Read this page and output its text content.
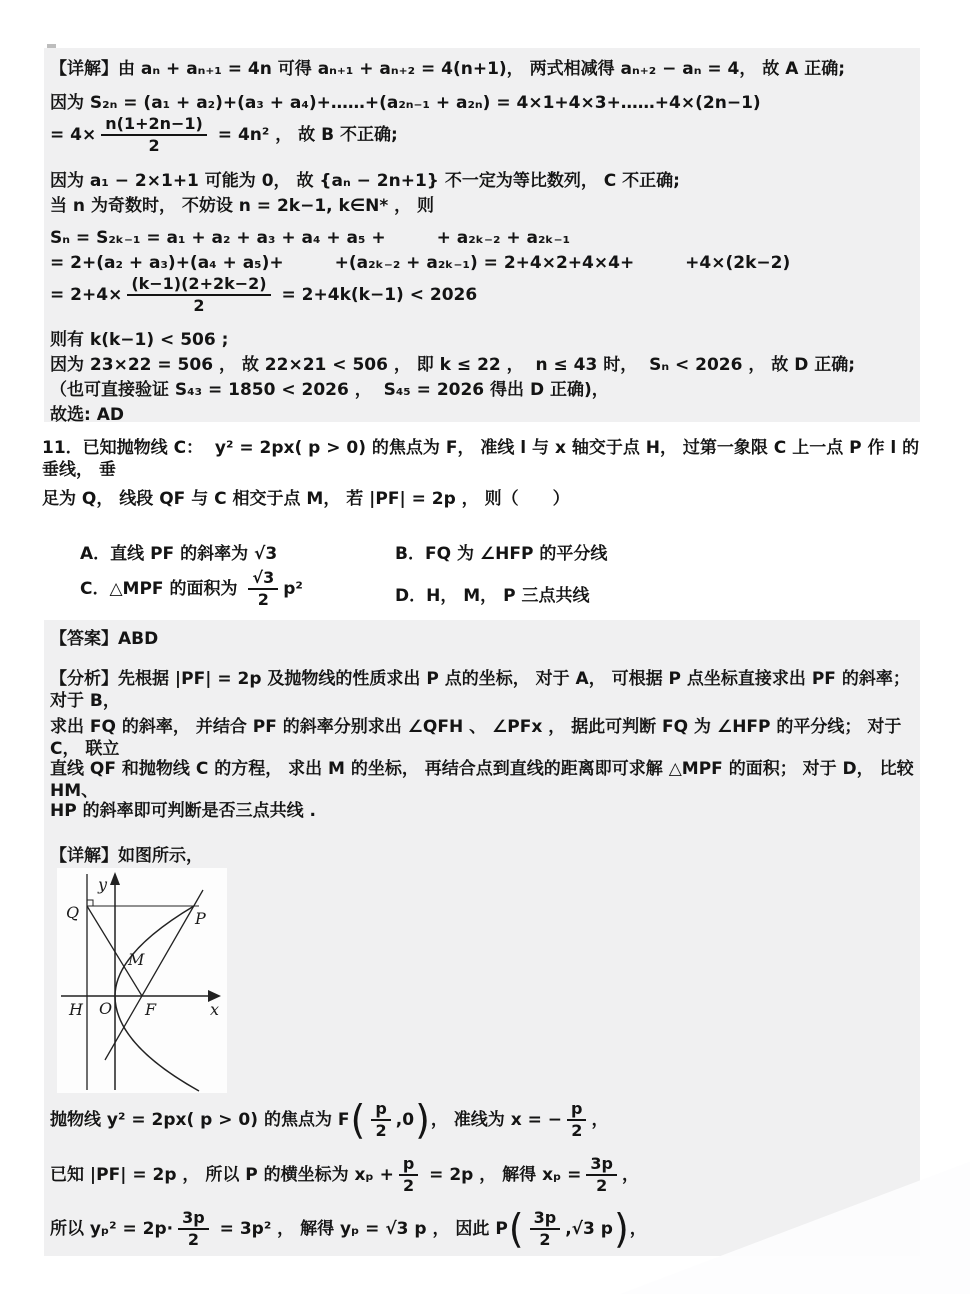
【详解】由 aₙ + aₙ₊₁ = 4n 可得 aₙ₊₁ + aₙ₊₂ = 4(n+1)， 两式相减得 aₙ₊₂ − aₙ = 4， 故 A 正确;
因为 S₂ₙ = (a₁ + a₂)+(a₃ + a₄)+……+(a₂ₙ₋₁ + a₂ₙ) = 4×1+4×3+……+4×(2n−1)
= $4\times \frac{n(1+2n-1)}{2} = 4n^2$ ， 故 B 不正确;
因为 a₁ − 2×1+1 可能为 0， 故 {aₙ − 2n+1} 不一定为等比数列， C 不正确;
当 n 为奇数时， 不妨设 n = 2k−1, k∈N* ， 则
Sₙ = S₂ₖ₋₁ = a₁ + a₂ + a₃ + a₄ + a₅ +　　　+ a₂ₖ₋₂ + a₂ₖ₋₁
= 2+(a₂ + a₃)+(a₄ + a₅)+　　　+(a₂ₖ₋₂ + a₂ₖ₋₁) = 2+4×2+4×4+　　　+4×(2k−2)
= $2+4\times \frac{(k-1)(2+2k-2)}{2} = 2+4k(k-1) < 2026$
则有 k(k−1) < 506 ;
因为 23×22 = 506 ， 故 22×21 < 506 ， 即 k ≤ 22 ，  n ≤ 43 时，  Sₙ < 2026 ， 故 D 正确;
（也可直接验证 S₄₃ = 1850 < 2026 ，  S₄₅ = 2026 得出 D 正确)，
故选: AD
11．已知抛物线 C：  y² = 2px( p > 0) 的焦点为 F， 准线 l 与 x 轴交于点 H， 过第一象限 C 上一点 P 作 l 的垂线， 垂
足为 Q， 线段 QF 与 C 相交于点 M， 若 |PF| = 2p ， 则（　　）
A．直线 PF 的斜率为 √3	B．FQ 为 ∠HFP 的平分线
C．△MPF 的面积为 $\frac{√3}{2} p^2$	D．H， M， P 三点共线
【答案】ABD
【分析】先根据 |PF| = 2p 及抛物线的性质求出 P 点的坐标， 对于 A， 可根据 P 点坐标直接求出 PF 的斜率； 对于 B，
求出 FQ 的斜率， 并结合 PF 的斜率分别求出 ∠QFH 、 ∠PFx ， 据此可判断 FQ 为 ∠HFP 的平分线； 对于 C， 联立
直线 QF 和抛物线 C 的方程， 求出 M 的坐标， 再结合点到直线的距离即可求解 △MPF 的面积； 对于 D， 比较 HM、
HP 的斜率即可判断是否三点共线 .
【详解】如图所示，
Q	P
M
H O F	x
y
抛物线 y² = 2px( p > 0) 的焦点为 F ( $\frac{p}{2} ,0$ ) ， 准线为 x = − $\frac{p}{2}$ ，
已知 |PF| = 2p ， 所以 P 的横坐标为 $x_p + \frac{p}{2} = 2p$ ， 解得 $x_p = \frac{3p}{2}$ ，
所以 $y_p^2 = 2p\cdot \frac{3p}{2} = 3p^2$ ， 解得 yₚ = √3 p ， 因此 P ( $\frac{3p}{2} ,√3$ p ) ，
